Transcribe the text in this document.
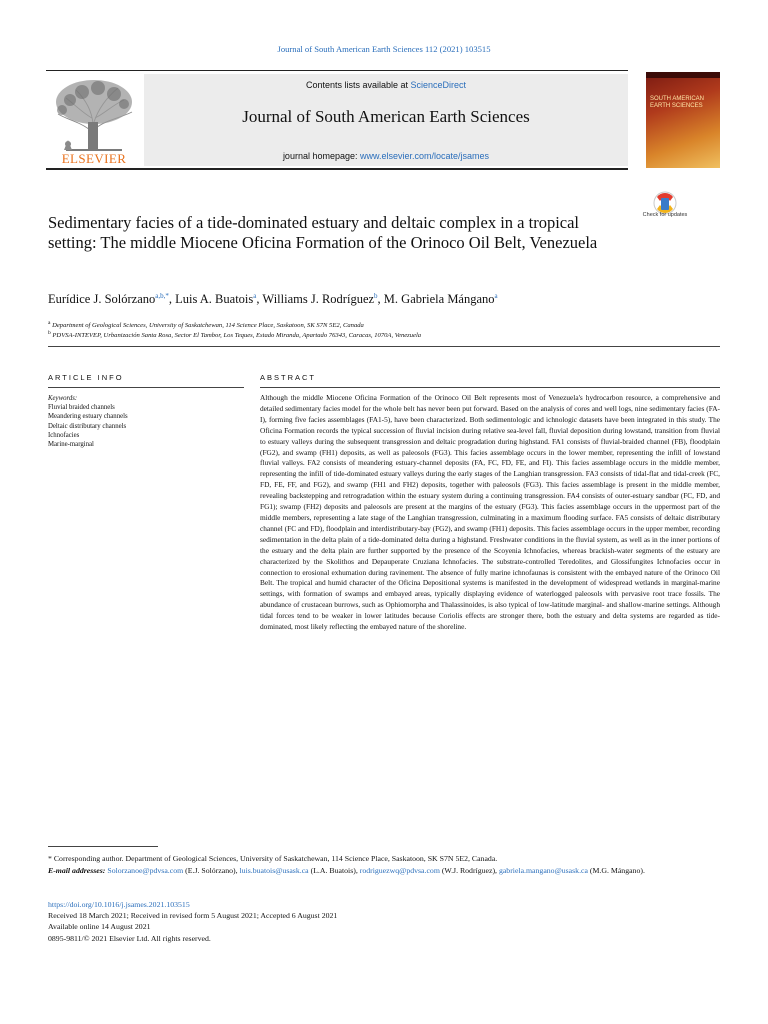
Journal of South American Earth Sciences 112 (2021) 103515
ELSEVIER
Contents lists available at ScienceDirect
Journal of South American Earth Sciences
journal homepage: www.elsevier.com/locate/jsames
SOUTH AMERICAN EARTH SCIENCES
Sedimentary facies of a tide-dominated estuary and deltaic complex in a tropical setting: The middle Miocene Oficina Formation of the Orinoco Oil Belt, Venezuela
Check for updates
Eurídice J. Solórzano$^{a,b,*}$, Luis A. Buatois$^a$, Williams J. Rodríguez$^b$, M. Gabriela Mángano$^a$
$^a$ Department of Geological Sciences, University of Saskatchewan, 114 Science Place, Saskatoon, SK S7N 5E2, Canada
$^b$ PDVSA-INTEVEP, Urbanización Santa Rosa, Sector El Tambor, Los Teques, Estado Miranda, Apartado 76343, Caracas, 1070A, Venezuela
ARTICLE INFO	ABSTRACT
Keywords:
Fluvial braided channels
Meandering estuary channels
Deltaic distributary channels
Ichnofacies
Marine-marginal
Although the middle Miocene Oficina Formation of the Orinoco Oil Belt represents most of Venezuela's hydrocarbon resource, a comprehensive and detailed sedimentary facies model for the whole belt has never been put forward. Based on the analysis of cores and well logs, nine sedimentary facies (FA-I), forming five facies assemblages (FA1-5), have been characterized. Both sedimentologic and ichnologic datasets have been integrated in this study. The Oficina Formation records the typical succession of fluvial incision during relative sea-level fall, fluvial deposition during lowstand, transition from fluvial to estuary valleys during the subsequent transgression and deltaic progradation during highstand. FA1 consists of fluvial-braided channel (FB), floodplain (FG2), and swamp (FH1) deposits, as well as paleosols (FG3). This facies assemblage occurs in the lower member, representing the infill of lowstand fluvial valleys. FA2 consists of meandering estuary-channel deposits (FA, FC, FD, FE, and FI). This facies assemblage occurs in the middle member, representing the infill of tide-dominated estuary valleys during the early stages of the Langhian transgression. FA3 consists of tidal-flat and tidal-creek (FC, FD, FE, FF, and FG2), and swamp (FH1 and FH2) deposits, together with paleosols (FG3). This facies assemblage is present in the middle member, revealing backstepping and retrogradation within the estuary system during a continuing transgression. FA4 consists of outer-estuary sandbar (FC, FD, and FG1); swamp (FH2) deposits and paleosols are present at the margins of the estuary (FG3). This facies assemblage occurs in the uppermost part of the middle members, representing a late stage of the Langhian transgression, culminating in a maximum flooding surface. FA5 consists of deltaic distributary channel (FC and FD), floodplain and interdistributary-bay (FG2), and swamp (FH1) deposits. This facies assemblage occurs in the upper member, recording sedimentation in the delta plain of a tide-dominated delta during a highstand. Freshwater conditions in the fluvial system, as well as in the inner portions of the estuary and the delta plain are further supported by the presence of the Scoyenia Ichnofacies, whereas brackish-water segments of the estuary are characterized by the Skolithos and Depauperate Cruziana Ichnofacies. The substrate-controlled Teredolites, and Glossifungites Ichnofacies occur in connection to erosional exhumation during ravinement. The absence of fully marine ichnofaunas is consistent with the embayed nature of the Orinoco Oil Belt. The tropical and humid character of the Oficina Depositional systems is manifested in the development of widespread wetlands in marginal-marine settings, with formation of swamps and embayed areas, typically displaying evidence of waterlogged paleosols with pervasive root trace fossils. The abundance of crustacean burrows, such as Ophiomorpha and Thalassinoides, is also typical of low-latitude marginal- and shallow-marine settings. Although tidal forces tend to be weaker in lower latitudes because Coriolis effects are stronger there, both the estuary and delta systems are regarded as tide-dominated, most likely reflecting the embayed nature of the shoreline.
* Corresponding author. Department of Geological Sciences, University of Saskatchewan, 114 Science Place, Saskatoon, SK S7N 5E2, Canada.
E-mail addresses: Solorzanoe@pdvsa.com (E.J. Solórzano), luis.buatois@usask.ca (L.A. Buatois), rodriguezwq@pdvsa.com (W.J. Rodríguez), gabriela.mangano@usask.ca (M.G. Mángano).
https://doi.org/10.1016/j.jsames.2021.103515
Received 18 March 2021; Received in revised form 5 August 2021; Accepted 6 August 2021
Available online 14 August 2021
0895-9811/© 2021 Elsevier Ltd. All rights reserved.
